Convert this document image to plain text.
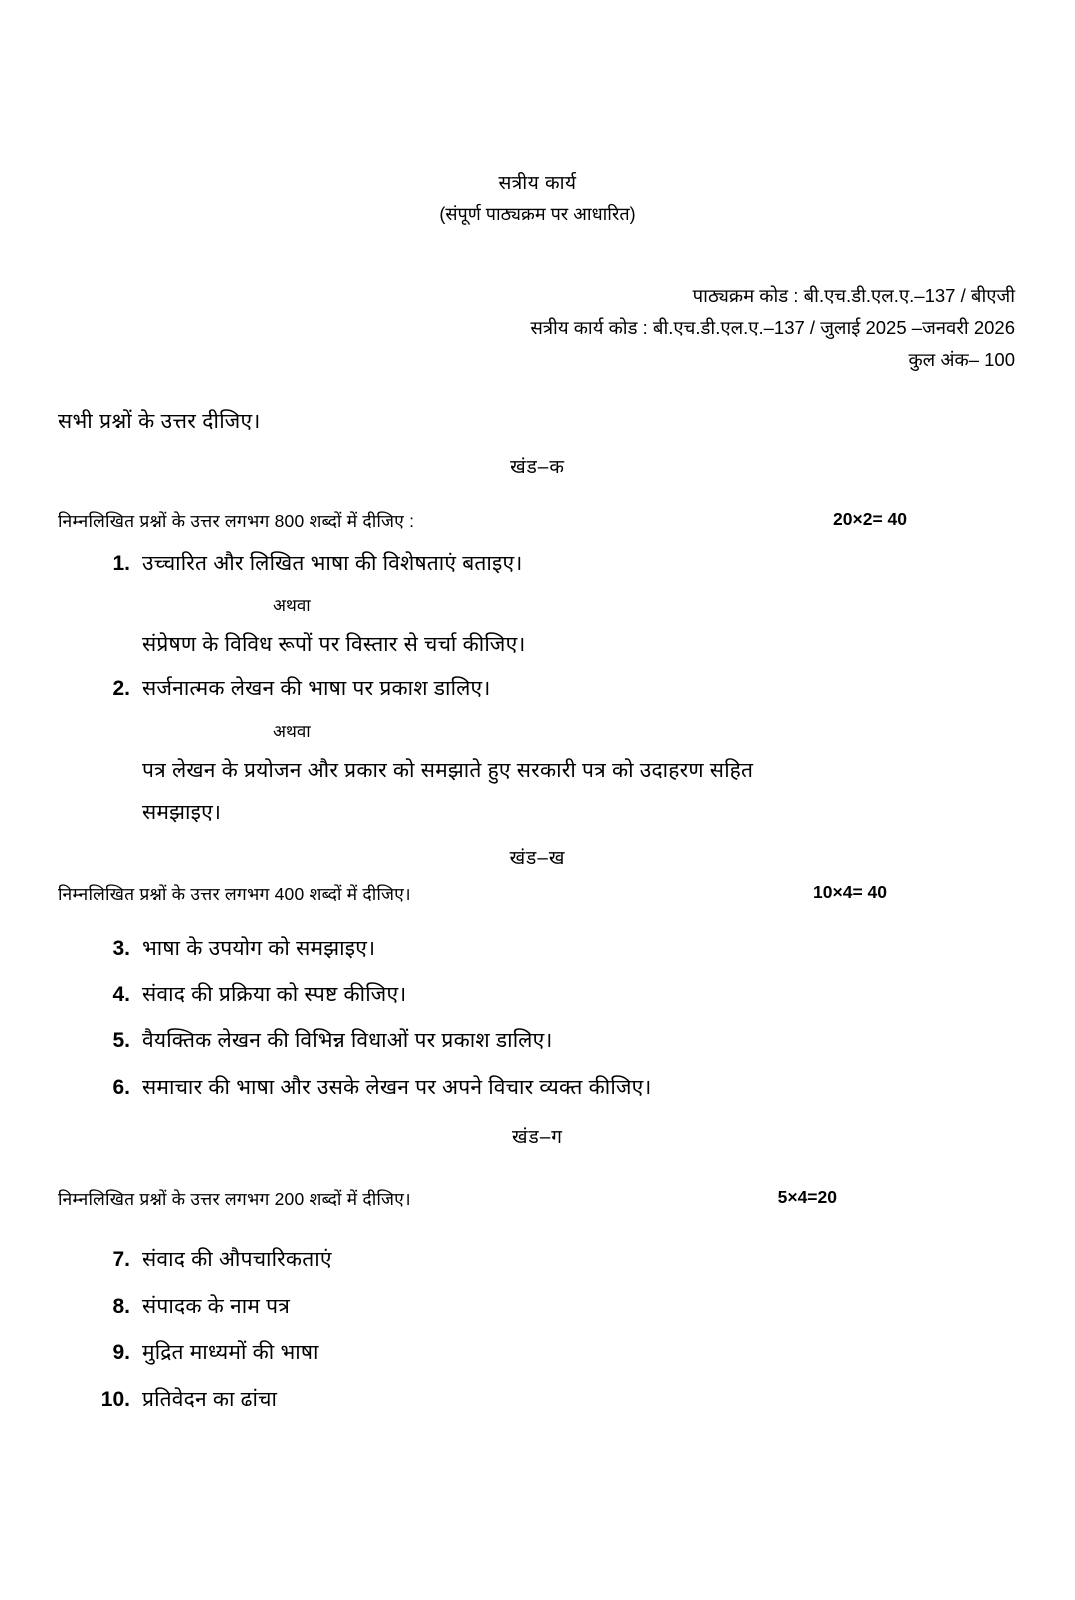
सत्रीय कार्य
(संपूर्ण पाठ्यक्रम पर आधारित)
पाठ्यक्रम कोड : बी.एच.डी.एल.ए.–137 / बीएजी
सत्रीय कार्य कोड : बी.एच.डी.एल.ए.–137 / जुलाई 2025 –जनवरी 2026
कुल अंक– 100
सभी प्रश्नों के उत्तर दीजिए।
खंड–क
निम्नलिखित प्रश्नों के उत्तर लगभग 800 शब्दों में दीजिए :	20×2= 40
1. उच्चारित और लिखित भाषा की विशेषताएं बताइए।
अथवा
संप्रेषण के विविध रूपों पर विस्तार से चर्चा कीजिए।
2. सर्जनात्मक लेखन की भाषा पर प्रकाश डालिए।
अथवा
पत्र लेखन के प्रयोजन और प्रकार को समझाते हुए सरकारी पत्र को उदाहरण सहित
समझाइए।
खंड–ख
निम्नलिखित प्रश्नों के उत्तर लगभग 400 शब्दों में दीजिए।	10×4= 40
3. भाषा के उपयोग को समझाइए।
4. संवाद की प्रक्रिया को स्पष्ट कीजिए।
5. वैयक्तिक लेखन की विभिन्न विधाओं पर प्रकाश डालिए।
6. समाचार की भाषा और उसके लेखन पर अपने विचार व्यक्त कीजिए।
खंड–ग
निम्नलिखित प्रश्नों के उत्तर लगभग 200 शब्दों में दीजिए।	5×4=20
7. संवाद की औपचारिकताएं
8. संपादक के नाम पत्र
9. मुद्रित माध्यमों की भाषा
10. प्रतिवेदन का ढांचा
